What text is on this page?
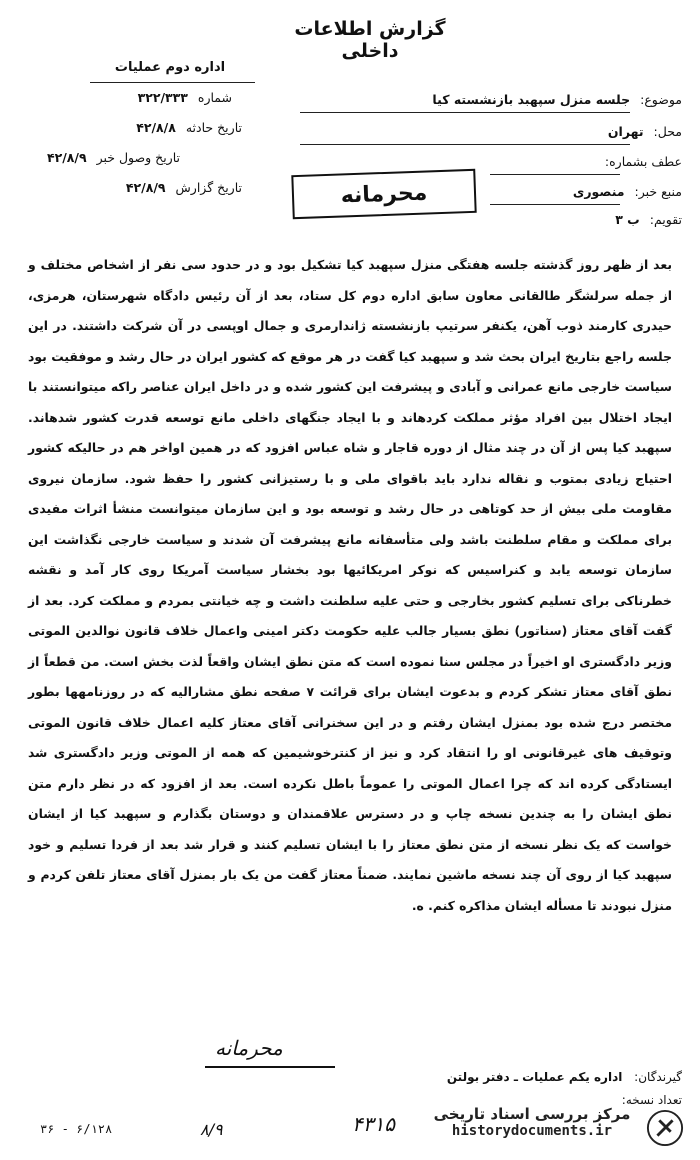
گزارش اطلاعات داخلی
اداره دوم عملیات
شماره ۳۲۲/۳۳۳
تاریخ حادثه ۴۲/۸/۸
تاریخ وصول خبر ۴۲/۸/۹
تاریخ گزارش ۴۲/۸/۹
موضوع: جلسه منزل سپهبد بازنشسته کیا
محل: تهران
عطف بشماره:
منبع خبر: منصوری
تقویم: ب ۳
محرمانه
بعد از ظهر روز گذشته جلسه هفتگی منزل سپهبد کیا تشکیل بود و در حدود سی نفر از اشخاص مختلف و از جمله سرلشگر طالقانی معاون سابق اداره دوم کل ستاد، بعد از آن رئیس دادگاه شهرستان، هرمزی، حیدری کارمند ذوب آهن، یکنفر سرتیپ بازنشسته ژاندارمری و جمال اوپسی در آن شرکت داشتند. در این جلسه راجع بتاریخ ایران بحث شد و سپهبد کیا گفت در هر موقع که کشور ایران در حال رشد و موفقیت بود سیاست خارجی مانع عمرانی و آبادی و پیشرفت این کشور شده و در داخل ایران عناصر راکه میتوانستند با ایجاد اختلال بین افراد مؤثر مملکت کردهاند و با ایجاد جنگهای داخلی مانع توسعه قدرت کشور شدهاند. سپهبد کیا پس از آن در چند مثال از دوره قاجار و شاه عباس افزود که در همین اواخر هم در حالیکه کشور احتیاج زیادی بمتوب و نقاله ندارد باید باقوای ملی و با رستیزانی کشور را حفظ شود. سازمان نیروی مقاومت ملی بیش از حد کوتاهی در حال رشد و توسعه بود و این سازمان میتوانست منشأ اثرات مفیدی برای مملکت و مقام سلطنت باشد ولی متأسفانه مانع پیشرفت آن شدند و سیاست خارجی نگذاشت این سازمان توسعه یابد و کنراسیس که نوکر امریکائیها بود بخشار سیاست آمریکا روی کار آمد و نقشه خطرناکی برای تسلیم کشور بخارجی و حتی علیه سلطنت داشت و چه خیانتی بمردم و مملکت کرد. بعد از گفت آقای معتاز (سناتور) نطق بسیار جالب علیه حکومت دکتر امینی واعمال خلاف قانون نوالدین الموتی وزیر دادگستری او اخیراً در مجلس سنا نموده است که متن نطق ایشان واقعاً لذت بخش است. من قطعاً از نطق آقای معتاز تشکر کردم و بدعوت ایشان برای قرائت ۷ صفحه نطق مشارالیه که در روزنامهها بطور مختصر درج شده بود بمنزل ایشان رفتم و در این سخنرانی آقای معتاز کلیه اعمال خلاف قانون الموتی وتوقیف های غیرقانونی او را انتقاد کرد و نیز از کنترخوشیمین که همه از الموتی وزیر دادگستری شد ایستادگی کرده اند که چرا اعمال الموتی را عموماً باطل نکرده است. بعد از افزود که در نظر دارم متن نطق ایشان را به چندین نسخه چاپ و در دسترس علاقمندان و دوستان بگذارم و سپهبد کیا از ایشان خواست که یک نظر نسخه از متن نطق معتاز را با ایشان تسلیم کنند و قرار شد بعد از فردا تسلیم و خود سپهبد کیا از روی آن چند نسخه ماشین نمایند. ضمناً معتاز گفت من یک بار بمنزل آقای معتاز تلفن کردم و منزل نبودند تا مسأله ایشان مذاکره کنم. ه.
محرمانه
گیرندگان: اداره یکم عملیات ـ دفتر بولتن
تعداد نسخه:
۳۶ - ۶/۱۲۸	۴۳۱۵
۸/۹
مرکز بررسی اسناد تاریخی
historydocuments.ir
